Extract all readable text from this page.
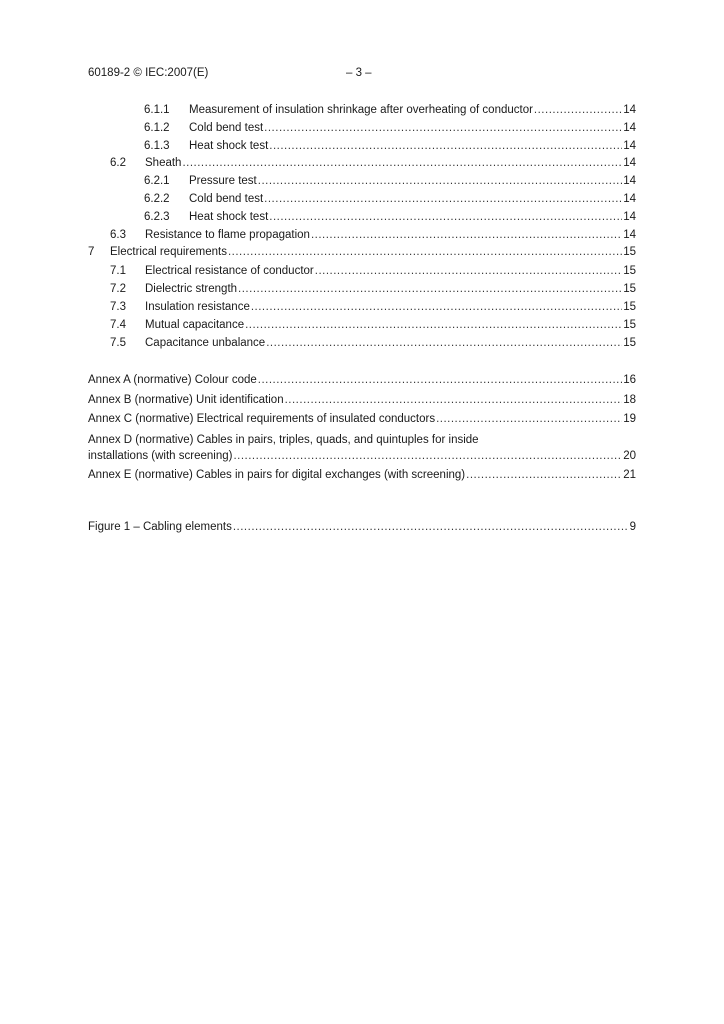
60189-2 © IEC:2007(E)	– 3 –
6.1.1	Measurement of insulation shrinkage after overheating of conductor .....	14
6.1.2	Cold bend test .....	14
6.1.3	Heat shock test .....	14
6.2	Sheath .....	14
6.2.1	Pressure test .....	14
6.2.2	Cold bend test .....	14
6.2.3	Heat shock test .....	14
6.3	Resistance to flame propagation .....	14
7	Electrical requirements .....	15
7.1	Electrical resistance of conductor .....	15
7.2	Dielectric strength .....	15
7.3	Insulation resistance .....	15
7.4	Mutual capacitance .....	15
7.5	Capacitance unbalance .....	15
Annex A (normative) Colour code .....	16
Annex B (normative) Unit identification .....	18
Annex C (normative) Electrical requirements of insulated conductors .....	19
Annex D (normative) Cables in pairs, triples, quads, and quintuples for inside
installations (with screening) .....	20
Annex E (normative) Cables in pairs for digital exchanges (with screening) .....	21
Figure 1 – Cabling elements .....	9
